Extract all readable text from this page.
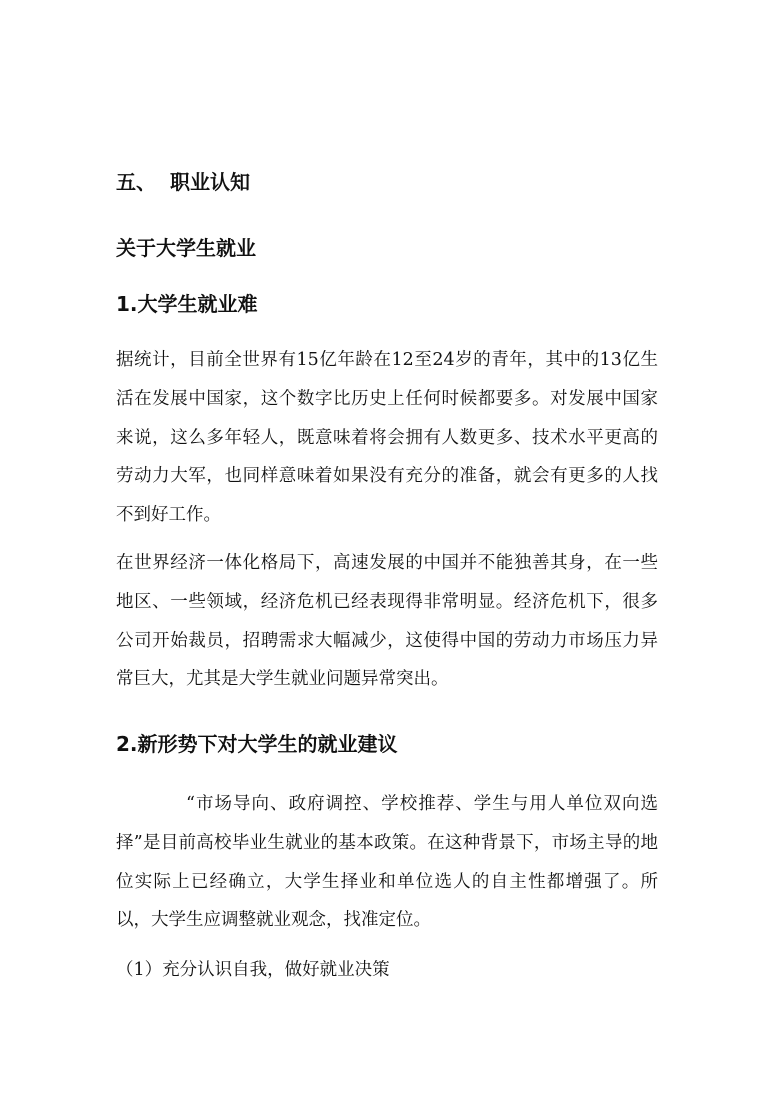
五、 职业认知
关于大学生就业
1.大学生就业难

据统计，目前全世界有15亿年龄在12至24岁的青年，其中的13亿生活在发展中国家，这个数字比历史上任何时候都要多。对发展中国家来说，这么多年轻人，既意味着将会拥有人数更多、技术水平更高的劳动力大军，也同样意味着如果没有充分的准备，就会有更多的人找不到好工作。

在世界经济一体化格局下，高速发展的中国并不能独善其身，在一些地区、一些领域，经济危机已经表现得非常明显。经济危机下，很多公司开始裁员，招聘需求大幅减少，这使得中国的劳动力市场压力异常巨大，尤其是大学生就业问题异常突出。

2.新形势下对大学生的就业建议

“市场导向、政府调控、学校推荐、学生与用人单位双向选择”是目前高校毕业生就业的基本政策。在这种背景下，市场主导的地位实际上已经确立，大学生择业和单位选人的自主性都增强了。所以，大学生应调整就业观念，找准定位。

（1）充分认识自我，做好就业决策
